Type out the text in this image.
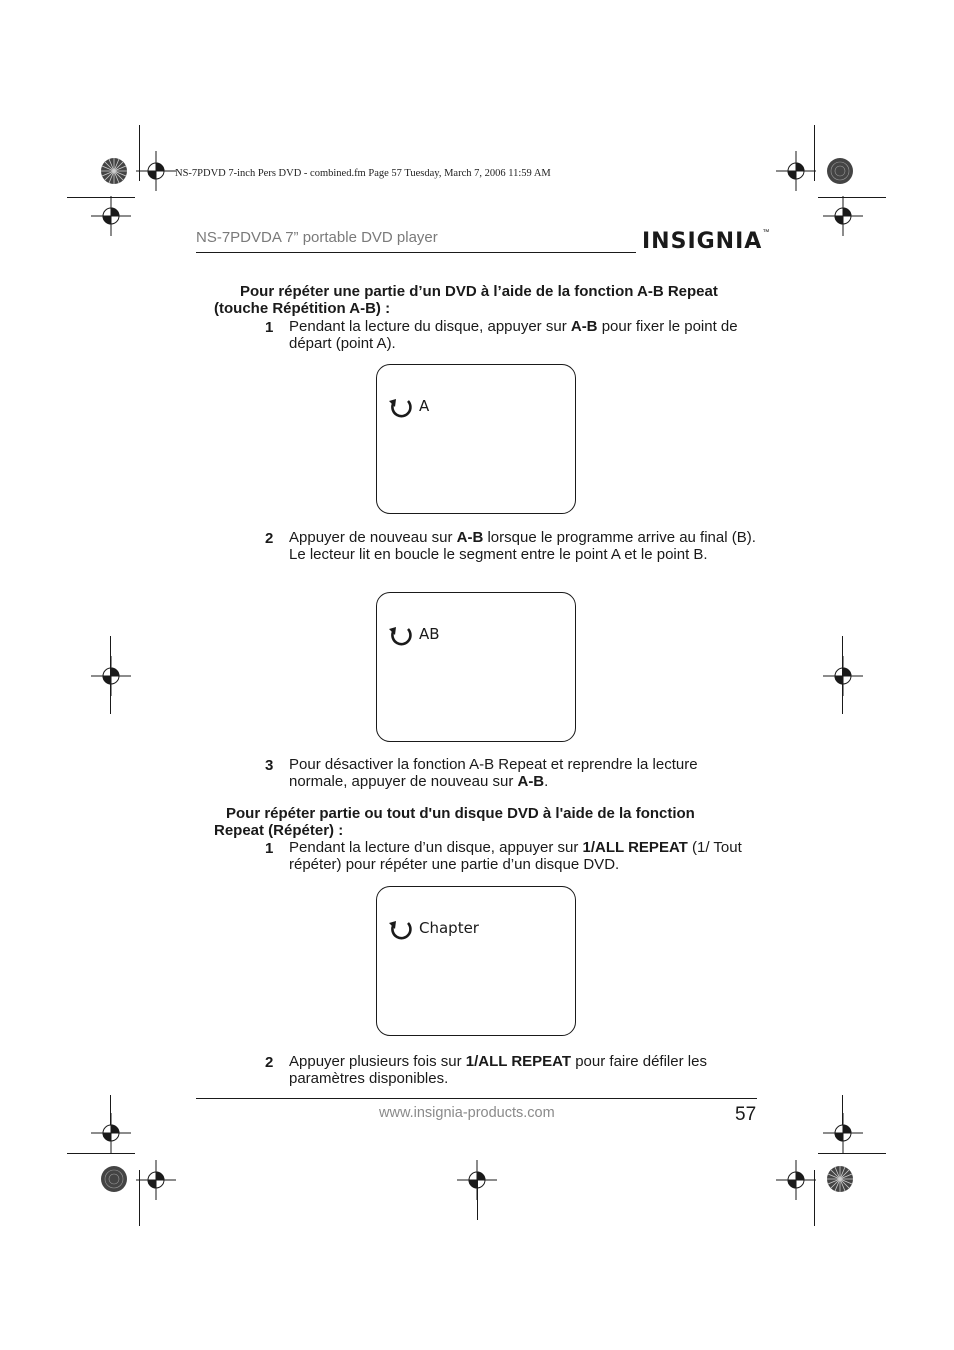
NS-7PDVD 7-inch Pers DVD - combined.fm Page 57 Tuesday, March 7, 2006 11:59 AM
NS-7PDVDA 7” portable DVD player	INSIGNIA™
Pour répéter une partie d’un DVD à l’aide de la fonction A-B Repeat
(touche Répétition A-B) :
1 Pendant la lecture du disque, appuyer sur A-B pour fixer le point de départ (point A).
A
2 Appuyer de nouveau sur A-B lorsque le programme arrive au final (B). Le lecteur lit en boucle le segment entre le point A et le point B.
AB
3 Pour désactiver la fonction A-B Repeat et reprendre la lecture normale, appuyer de nouveau sur A-B.
Pour répéter partie ou tout d'un disque DVD à l'aide de la fonction
Repeat (Répéter) :
1 Pendant la lecture d’un disque, appuyer sur 1/ALL REPEAT (1/ Tout répéter) pour répéter une partie d’un disque DVD.
Chapter
2 Appuyer plusieurs fois sur 1/ALL REPEAT pour faire défiler les paramètres disponibles.
www.insignia-products.com	57
